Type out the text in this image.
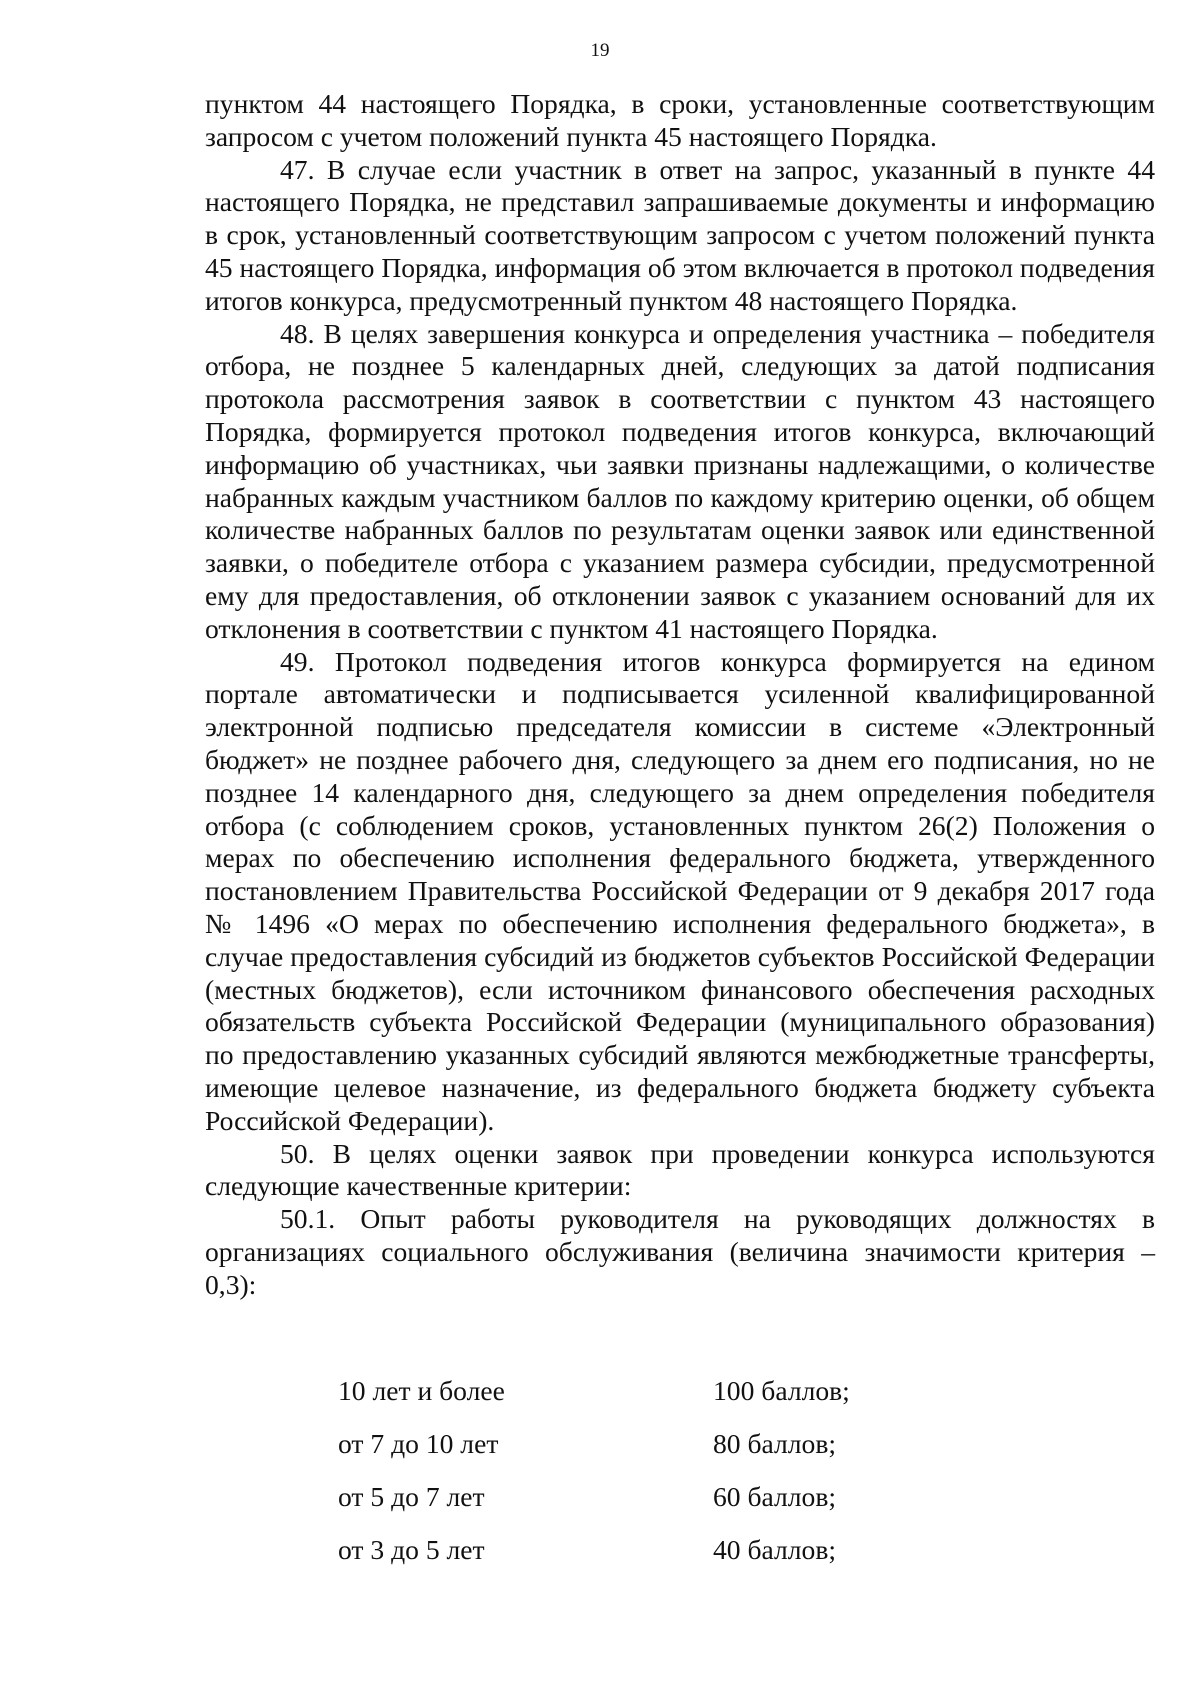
19

пунктом 44 настоящего Порядка, в сроки, установленные соответствующим запросом с учетом положений пункта 45 настоящего Порядка.

47. В случае если участник в ответ на запрос, указанный в пункте 44 настоящего Порядка, не представил запрашиваемые документы и информацию в срок, установленный соответствующим запросом с учетом положений пункта 45 настоящего Порядка, информация об этом включается в протокол подведения итогов конкурса, предусмотренный пунктом 48 настоящего Порядка.

48. В целях завершения конкурса и определения участника – победителя отбора, не позднее 5 календарных дней, следующих за датой подписания протокола рассмотрения заявок в соответствии с пунктом 43 настоящего Порядка, формируется протокол подведения итогов конкурса, включающий информацию об участниках, чьи заявки признаны надлежащими, о количестве набранных каждым участником баллов по каждому критерию оценки, об общем количестве набранных баллов по результатам оценки заявок или единственной заявки, о победителе отбора с указанием размера субсидии, предусмотренной ему для предоставления, об отклонении заявок с указанием оснований для их отклонения в соответствии с пунктом 41 настоящего Порядка.

49. Протокол подведения итогов конкурса формируется на едином портале автоматически и подписывается усиленной квалифицированной электронной подписью председателя комиссии в системе «Электронный бюджет» не позднее рабочего дня, следующего за днем его подписания, но не позднее 14 календарного дня, следующего за днем определения победителя отбора (с соблюдением сроков, установленных пунктом 26(2) Положения о мерах по обеспечению исполнения федерального бюджета, утвержденного постановлением Правительства Российской Федерации от 9 декабря 2017 года № 1496 «О мерах по обеспечению исполнения федерального бюджета», в случае предоставления субсидий из бюджетов субъектов Российской Федерации (местных бюджетов), если источником финансового обеспечения расходных обязательств субъекта Российской Федерации (муниципального образования) по предоставлению указанных субсидий являются межбюджетные трансферты, имеющие целевое назначение, из федерального бюджета бюджету субъекта Российской Федерации).

50. В целях оценки заявок при проведении конкурса используются следующие качественные критерии:

50.1. Опыт работы руководителя на руководящих должностях в организациях социального обслуживания (величина значимости критерия – 0,3):

10 лет и более	100 баллов;
от 7 до 10 лет	80 баллов;
от 5 до 7 лет	60 баллов;
от 3 до 5 лет	40 баллов;
